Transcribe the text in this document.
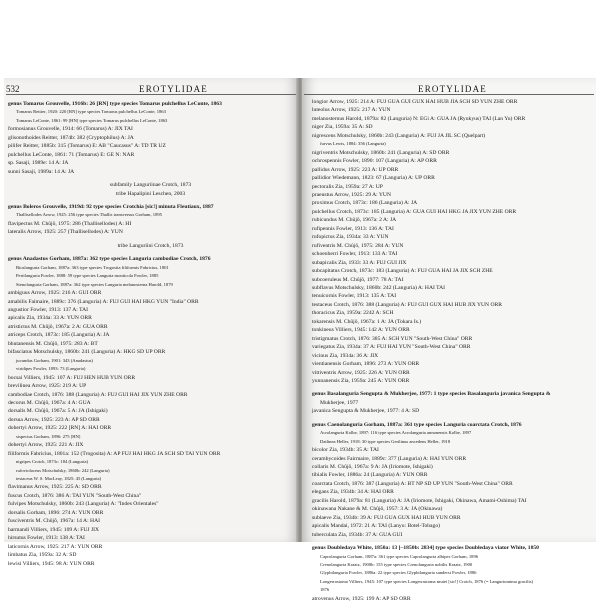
532	EROTYLIDAE
genus Tomarus Grouvelle, 1916b: 26 [RN] type species Tomarus pulchellus LeConte, 1863
Tomarus Reitter, 1920: 220 [RN] type species Tomarus pulchellus LeConte, 1863
Tomarus LeConte, 1861: 99 [HN] type species Tomarus pulchellus LeConte, 1863
formosianus Grouvelle, 1914: 66 (Tomarus) A: JIX TAI
glisonothoides Reitter, 1874b: 382 (Cryptophilus) A: JA
pilifer Reitter, 1885b: 315 (Tomarus) E: AB "Caucasus" A: TD TR UZ
pulchellus LeConte, 1861: 71 (Tomarus) E: GE N: NAR
sp. Sasaji, 1989e: 14 A: JA
sunni Sasaji, 1989a: 14 A: JA
subfamily Languriinae Crotch, 1873
tribe Hapalipini Leschen, 2003
genus Boleros Grouvelle, 1919d: 92 type species Crotchia [sic!] minuta Fleutiaux, 1887
Thallisellodes Arrow, 1925: 256 type species Thallis transversus Gorham, 1895
flavipectus M. Chûjô, 1975: 286 (Thallisellodes) A: HI
lateralis Arrow, 1925: 257 (Thallisellodes) A: YUN
tribe Languriini Crotch, 1873
genus Anadastus Gorham, 1887a: 362 type species Languria cambodiae Crotch, 1876
Bioslanguria Gorham, 1887a: 363 type species Trogosita filiformis Fabricius, 1801
Pertilanguria Fowler, 1888: 59 type species Languria monticola Fowler, 1885
Stenolanguria Gorham, 1887a: 362 type species Languria melanosterna Harold, 1879
ambiguus Arrow, 1925: 216 A: GUI ORR
amabilis Faimaire, 1889c: 376 (Languria) A: FUJ GUI HAI HKG YUN "India" ORR
angustior Fowler, 1913: 137 A: TAI
apicalis Zia, 1934a: 33 A: YUN ORR
atristictus M. Chûjô, 1967a: 2 A: GUA ORR
atriceps Crotch, 1873c: 185 (Languria) A: JA
bhutanensis M. Chûjô, 1975: 283 A: BT
bifasciatus Motschulsky, 1860b: 241 (Languria) A: HKG SD UP ORR
jucundus Gorham, 1901: 343 (Anadastus)
viridipes Fowler, 1893: 73 (Languria)
bocsai Villiers, 1945: 107 A: FUJ HEN HUB YUN ORR
brevilinea Arrow, 1925: 219 A: UP
cambodiae Crotch, 1876: 388 (Languria) A: FUJ GUI HAI JIX YUN ZHE ORR
decorus M. Chûjô, 1967a: 4 A: GUA
dorsalis M. Chûjô, 1967a: 5 A: JA (Ishigaki)
dorsua Arrow, 1925: 223 A: AP SD ORR
dohertyi Arrow, 1925: 222 [RN] A: HAI ORR
sispectus Gorham, 1896: 275 [HN]
dohertyi Arrow, 1925: 221 A: JIX
filiformis Fabricius, 1801a: 152 (Trogosita) A: AP FUJ HAI HKG JA SCH SD TAI YUN ORR
nigripes Crotch, 1873c: 184 (Languria)
rufoviolaceus Motschulsky, 1860b: 242 (Languria)
testaceus W. S. MacLeay, 1825: 45 (Languria)
flavimanus Arrow, 1925: 225 A: SD ORR
fuscus Crotch, 1876: 386 A: TAI YUN "South-West China"
fulvipes Motschulsky, 1860b: 243 (Languria) A: "Indes Orientales"
dorsalis Gorham, 1896: 274 A: YUN ORR
fusciventris M. Chûjô, 1967a: 14 A: HAI
harmandi Villiers, 1945: 109 A: FUJ JIX
hirsutus Fowler, 1913: 138 A: TAI
laticornis Arrow, 1925: 217 A: YUN ORR
limbatus Zia, 1959a: 32 A: SD
lewisi Villiers, 1945: 98 A: YUN ORR
EROTYLIDAE
longior Arrow, 1925: 214 A: FUJ GUA GUI GUX HAI HUB JIA SCH SD YUN ZHE ORR
luteolus Arrow, 1925: 217 A: YUN
melanosternus Harold, 1879a: 82 (Languria) N: EGi A: GUA JA (Ryukyus) TAI (Lan Yu) ORR
niger Zia, 1959a: 35 A: SD
nigrescens Motschulsky, 1860b: 243 (Languria) A: FUJ JA JIL SC (Quelpart)
furvus Lewis, 1884: 356 (Languria)
nigriventris Motschulsky, 1860b: 241 (Languria) A: SD ORR
ochrospennis Fowler, 1890: 107 (Languria) A: AP ORR
pallidus Arrow, 1925: 223 A: UP ORR
pallidior Wiedemann, 1823: 67 (Languria) A: UP ORR
pectoralis Zia, 1959a: 27 A: UP
praeustus Arrow, 1925: 29 A: YUN
proximus Crotch, 1873c: 186 (Languria) A: JA
pulchellus Crotch, 1873c: 185 (Languria) A: GUA GUI HAI HKG JA JIX YUN ZHE ORR
rubicundus M. Chûjô, 1967a: 2 A: JA
rufipennis Fowler, 1913: 136 A: TAI
rufopictus Zia, 1934a: 33 A: YUN
rufiventris M. Chûjô, 1975: 284 A: YUN
schoenherri Fowler, 1913: 133 A: TAI
subapicalis Zia, 1933: 33 A: FUJ GUI JIX
subcapitatus Crotch, 1873c: 183 (Languria) A: FUJ GUA HAI JA JIX SCH ZHE
subcoeruleus M. Chûjô, 1977: 78 A: TAI
subflavus Motschulsky, 1860b: 242 (Languria) A: HAI TAI
tenuicornis Fowler, 1913: 135 A: TAI
testaceus Crotch, 1876: 388 (Languria) A: FUJ GUI GUX HAI HUB JIX YUN ORR
thoracicus Zia, 1959a: 2242 A: SCH
tokarensis M. Chûjô, 1967a: 1 A: JA (Tokara Is.)
tonkineus Villiers, 1945: 142 A: YUN ORR
tristigmatus Crotch, 1876: 385 A: SCH YUN "South-West China" ORR
variegatus Zia, 1934a: 37 A: FUJ HAI YUN "South-West China" ORR
vicinus Zia, 1934a: 36 A: JIX
vientianensis Gorham, 1896: 273 A: YUN ORR
vittiventris Arrow, 1925: 226 A: YUN ORR
yunnanensis Zia, 1959a: 245 A: YUN ORR
genus Basalanguria Sengupta & Mukherjee, 1977: 1 type species Basalanguria javanica Sengupta &
Mukherjee, 1977
javanica Sengupta & Mukherjee, 1977: 4 A: SD
genus Caenolanguria Gorham, 1887a: 361 type species Languria coarctata Crotch, 1876
Acrolanguria Kolbe, 1897: 116 type species Acrolanguria annonensis Kolbe, 1897
Datlinea Heller, 1918: 30 type species Gerilinus ancedens Heller, 1918
bicolor Zia, 1934b: 35 A: TAI
cerambycoides Fairmaire, 1889c: 377 (Languria) A: HAI YUN ORR
collaris M. Chûjô, 1967a: 9 A: JA (Iriomote, Ishigaki)
tibialis Fowler, 1886a: 24 (Languria) A: YUN ORR
coarctata Crotch, 1876: 387 (Languria) A: BT NP SD UP YUN "South-West China" ORR
elegans Zia, 1934b: 34 A: HAI ORR
gracilis Harold, 1879a: 81 (Languria) A: JA (Iriomote, Ishigaki, Okinawa, Amami-Oshima) TAI
okinawana Nakane & M. Chûjô, 1957: 3 A: JA (Okinawa)
sublaeve Zia, 1934b: 39 A: FUJ GUA GUX HAI HUB YUN ORR
apicalis Mandai, 1972: 21 A: TAI (Lanyu: Botel-Tobago)
tuberculata Zia, 1934b: 37 A: GUA GUI
genus Doubledaya White, 1850a: 13 [~1850b: 2834] type species Doubledaya viator White, 1850
Caprolanguria Gorham, 1887a: 361 type species Caprolanguria albipes Gorham, 1896
Crenolanguria Kraatz, 1900b: 155 type species Crenolanguria nobilis Kraatz, 1900
Glyphilanguria Fowler, 1886a: 22 type species Glyphilanguria sandersi Fowler, 1886
Longerrastoma Villiers, 1945: 107 type species Longerrastoma mutei [sic!] Crotch, 1876 (= Languriomima gracilis)
1876
atrovenus Arrow, 1925: 199 A: AP SD ORR
